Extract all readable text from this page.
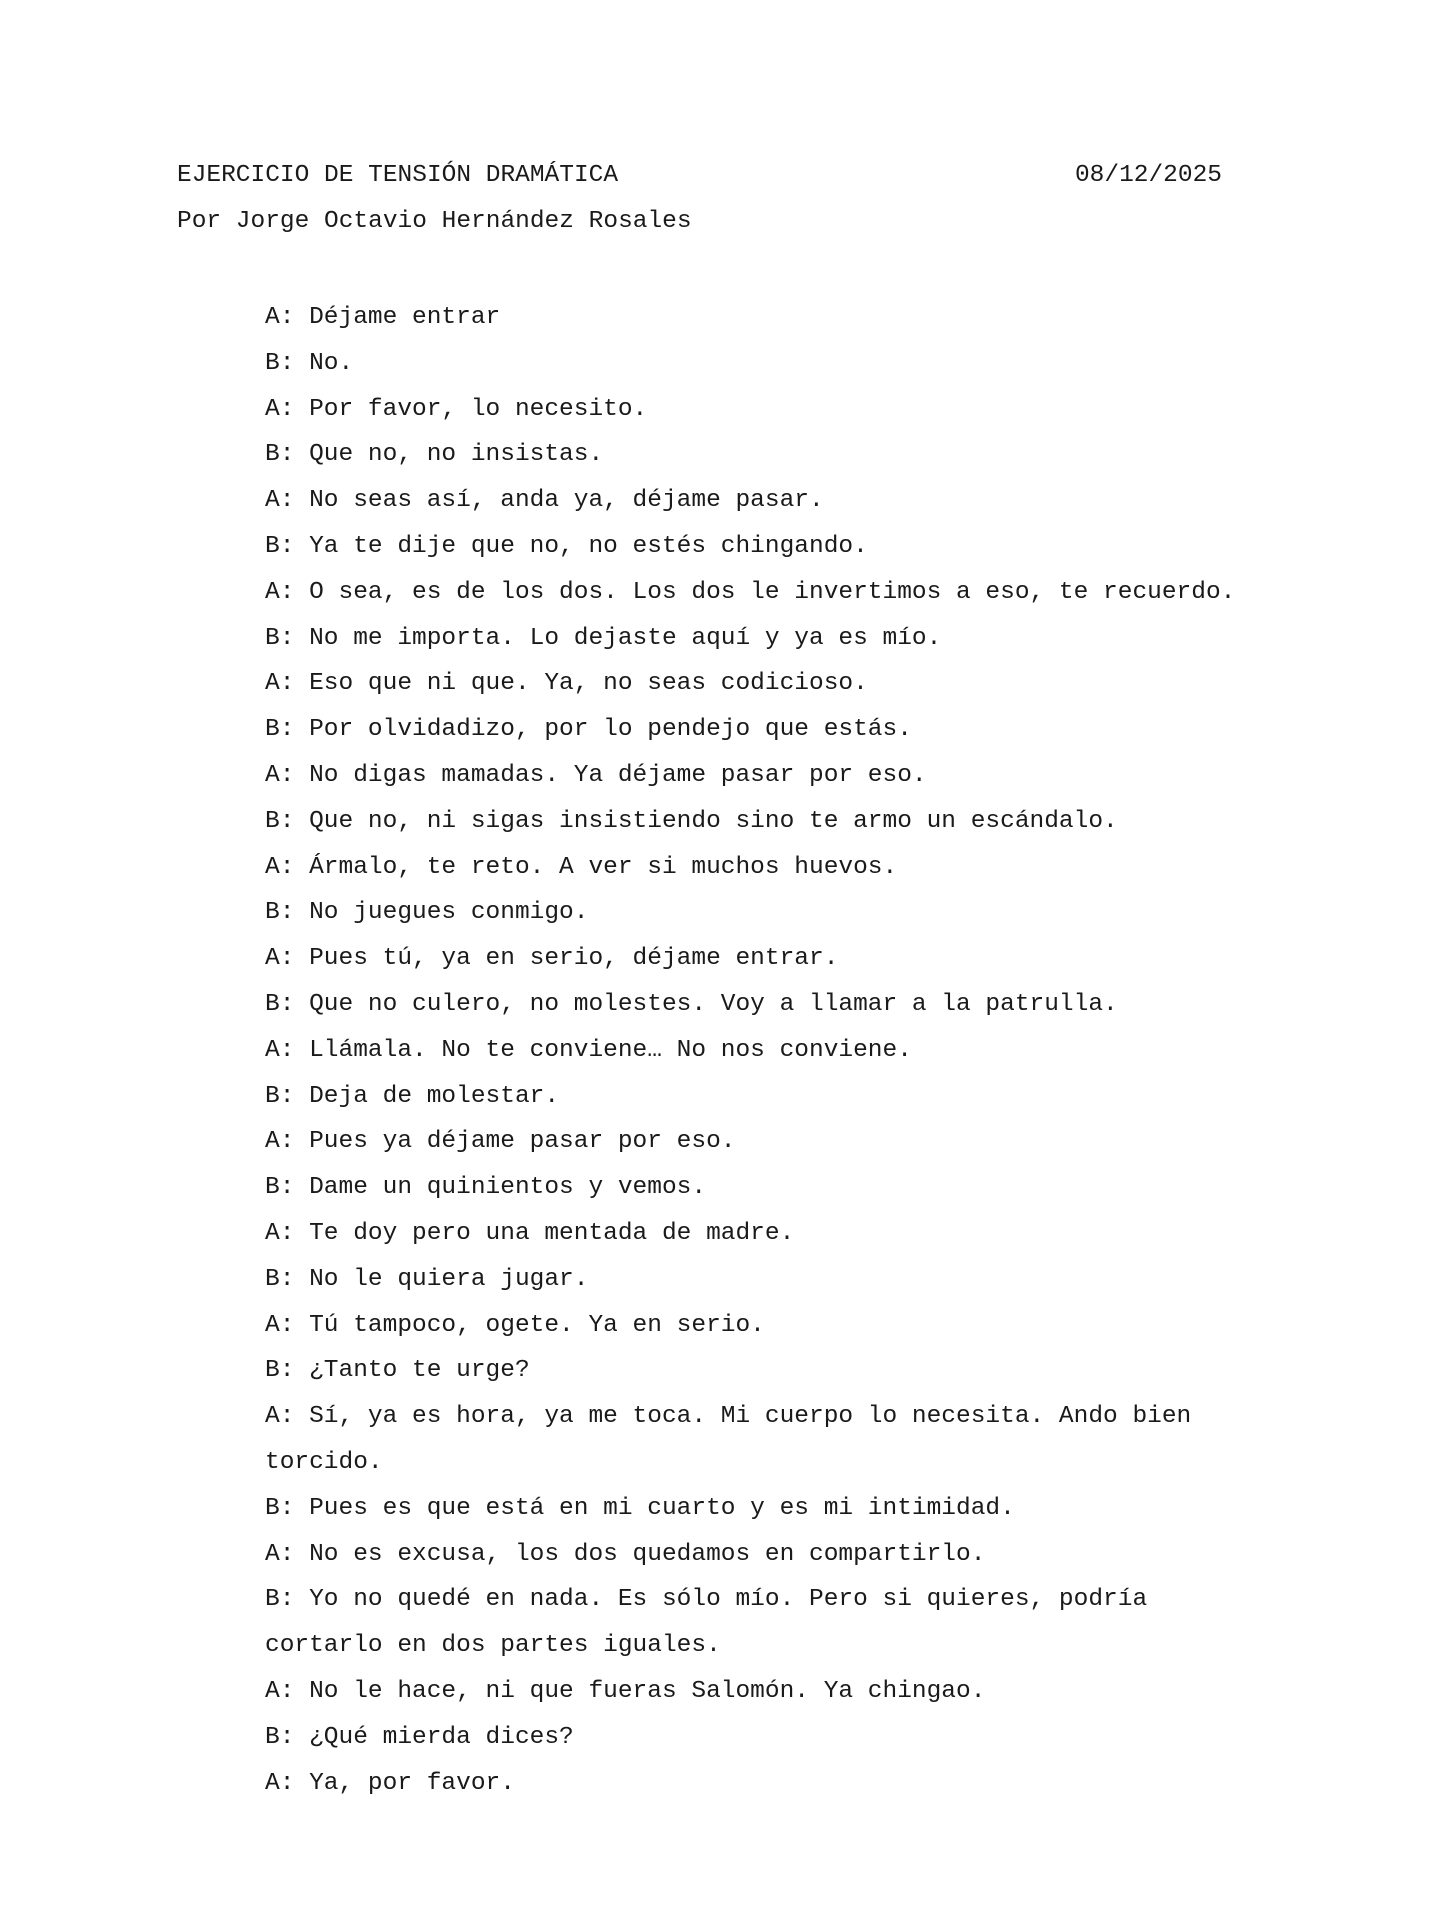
EJERCICIO DE TENSIÓN DRAMÁTICA

	08/12/2025

Por Jorge Octavio Hernández Rosales
A: Déjame entrar
B: No.
A: Por favor, lo necesito.
B: Que no, no insistas.
A: No seas así, anda ya, déjame pasar.
B: Ya te dije que no, no estés chingando.
A: O sea, es de los dos. Los dos le invertimos a eso, te recuerdo.
B: No me importa. Lo dejaste aquí y ya es mío.
A: Eso que ni que. Ya, no seas codicioso.
B: Por olvidadizo, por lo pendejo que estás.
A: No digas mamadas. Ya déjame pasar por eso.
B: Que no, ni sigas insistiendo sino te armo un escándalo.
A: Ármalo, te reto. A ver si muchos huevos.
B: No juegues conmigo.
A: Pues tú, ya en serio, déjame entrar.
B: Que no culero, no molestes. Voy a llamar a la patrulla.
A: Llámala. No te conviene… No nos conviene.
B: Deja de molestar.
A: Pues ya déjame pasar por eso.
B: Dame un quinientos y vemos.
A: Te doy pero una mentada de madre.
B: No le quiera jugar.
A: Tú tampoco, ogete. Ya en serio.
B: ¿Tanto te urge?
A: Sí, ya es hora, ya me toca. Mi cuerpo lo necesita. Ando bien torcido.
B: Pues es que está en mi cuarto y es mi intimidad.
A: No es excusa, los dos quedamos en compartirlo.
B: Yo no quedé en nada. Es sólo mío. Pero si quieres, podría cortarlo en dos partes iguales.
A: No le hace, ni que fueras Salomón. Ya chingao.
B: ¿Qué mierda dices?
A: Ya, por favor.
